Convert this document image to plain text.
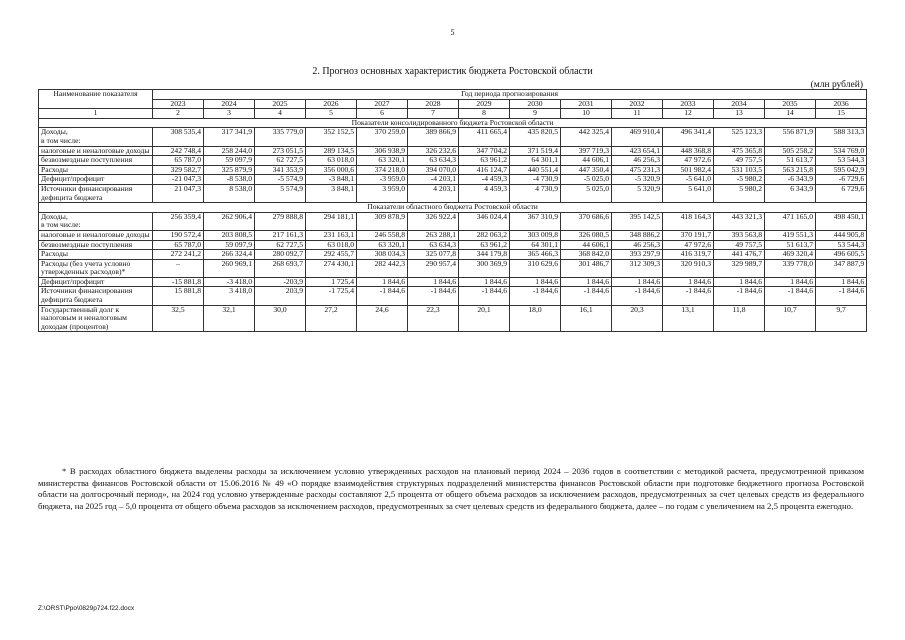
5
2. Прогноз основных характеристик бюджета Ростовской области
(млн рублей)
Наименование показателя	Год периода прогнозирования													
	2023	2024	2025	2026	2027	2028	2029	2030	2031	2032	2033	2034	2035	2036
1	2	3	4	5	6	7	8	9	10	11	12	13	14	15
Показатели консолидированного бюджета Ростовской области														
Доходы,
в том числе:	308 535,4	317 341,9	335 779,0	352 152,5	370 259,0	389 866,9	411 665,4	435 820,5	442 325,4	469 910,4	496 341,4	525 123,3	556 871,9	588 313,3
налоговые и неналоговые доходы	242 748,4	258 244,0	273 051,5	289 134,5	306 938,9	326 232,6	347 704,2	371 519,4	397 719,3	423 654,1	448 368,8	475 365,8	505 258,2	534 769,0
безвозмездные поступления	65 787,0	59 097,9	62 727,5	63 018,0	63 320,1	63 634,3	63 961,2	64 301,1	44 606,1	46 256,3	47 972,6	49 757,5	51 613,7	53 544,3
Расходы	329 582,7	325 879,9	341 353,9	356 000,6	374 218,0	394 070,0	416 124,7	440 551,4	447 350,4	475 231,3	501 982,4	531 103,5	563 215,8	595 042,9
Дефицит/профицит	-21 047,3	-8 538,0	-5 574,9	-3 848,1	-3 959,0	-4 203,1	-4 459,3	-4 730,9	-5 025,0	-5 320,9	-5 641,0	-5 980,2	-6 343,9	-6 729,6
Источники финансирования дефицита бюджета	21 047,3	8 538,0	5 574,9	3 848,1	3 959,0	4 203,1	4 459,3	4 730,9	5 025,0	5 320,9	5 641,0	5 980,2	6 343,9	6 729,6
Показатели областного бюджета Ростовской области														
Доходы,
в том числе:	256 359,4	262 906,4	279 888,8	294 181,1	309 878,9	326 922,4	346 024,4	367 310,9	370 686,6	395 142,5	418 164,3	443 321,3	471 165,0	498 450,1
налоговые и неналоговые доходы	190 572,4	203 808,5	217 161,3	231 163,1	246 558,8	263 288,1	282 063,2	303 009,8	326 080,5	348 886,2	370 191,7	393 563,8	419 551,3	444 905,8
безвозмездные поступления	65 787,0	59 097,9	62 727,5	63 018,0	63 320,1	63 634,3	63 961,2	64 301,1	44 606,1	46 256,3	47 972,6	49 757,5	51 613,7	53 544,3
Расходы	272 241,2	266 324,4	280 092,7	292 455,7	308 034,3	325 077,8	344 179,8	365 466,3	368 842,0	393 297,9	416 319,7	441 476,7	469 320,4	496 605,5
Расходы (без учета условно утвержденных расходов)*	–	260 969,1	268 693,7	274 430,1	282 442,3	290 957,4	300 369,9	310 629,6	301 486,7	312 309,3	320 910,3	329 989,7	339 778,0	347 887,9
Дефицит/профицит	-15 881,8	-3 418,0	-203,9	1 725,4	1 844,6	1 844,6	1 844,6	1 844,6	1 844,6	1 844,6	1 844,6	1 844,6	1 844,6	1 844,6
Источники финансирования дефицита бюджета	15 881,8	3 418,0	203,9	-1 725,4	-1 844,6	-1 844,6	-1 844,6	-1 844,6	-1 844,6	-1 844,6	-1 844,6	-1 844,6	-1 844,6	-1 844,6
Государственный долг к налоговым и неналоговым доходам (процентов)	32,5	32,1	30,0	27,2	24,6	22,3	20,1	18,0	16,1	20,3	13,1	11,8	10,7	9,7
* В расходах областного бюджета выделены расходы за исключением условно утвержденных расходов на плановый период 2024 – 2036 годов в соответствии с методикой расчета, предусмотренной приказом министерства финансов Ростовской области от 15.06.2016 № 49 «О порядке взаимодействия структурных подразделений министерства финансов Ростовской области при подготовке бюджетного прогноза Ростовской области на долгосрочный период», на 2024 год условно утвержденные расходы составляют 2,5 процента от общего объема расходов за исключением расходов, предусмотренных за счет целевых средств из федерального бюджета, на 2025 год – 5,0 процента от общего объема расходов за исключением расходов, предусмотренных за счет целевых средств из федерального бюджета, далее – по годам с увеличением на 2,5 процента ежегодно.
Z:\ORST\Ppo\0829p724.f22.docx
